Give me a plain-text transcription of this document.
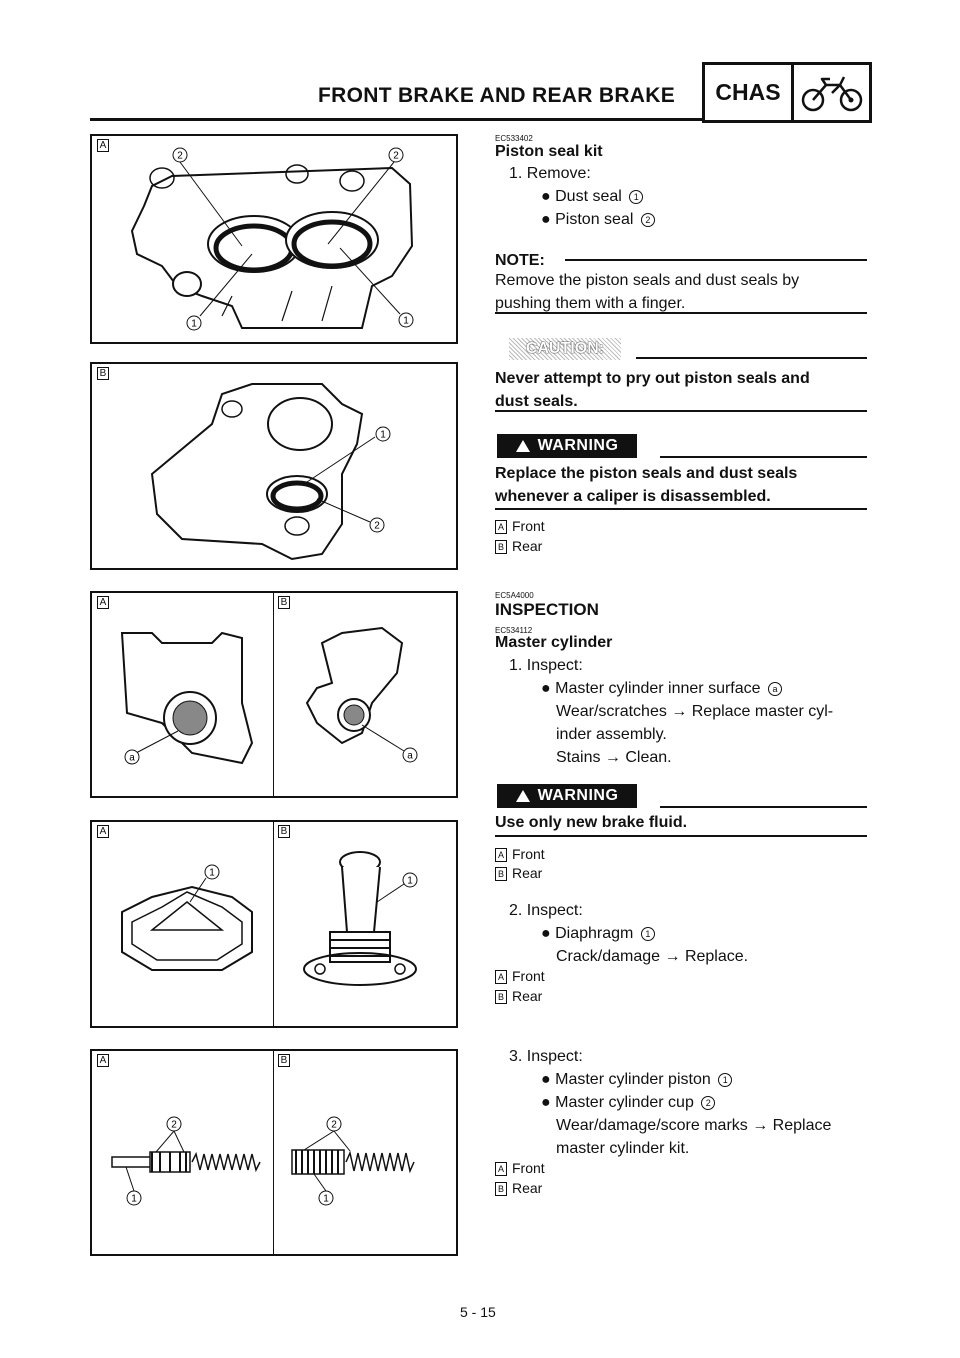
FRONT BRAKE AND REAR BRAKE	CHAS
A
2	2
1	1
B
1
2
A	B
a	a
A	B
1
1
A	B
2
1
2
1
EC533402
Piston seal kit
1. Remove:
● Dust seal 1
● Piston seal 2
NOTE:
Remove the piston seals and dust seals by
pushing them with a finger.
CAUTION:
Never attempt to pry out piston seals and
dust seals.
WARNING
Replace the piston seals and dust seals
whenever a caliper is disassembled.
A Front
B Rear
EC5A4000
INSPECTION
EC534112
Master cylinder
1. Inspect:
● Master cylinder inner surface a
Wear/scratches → Replace master cyl-
inder assembly.
Stains → Clean.
WARNING
Use only new brake fluid.
A Front
B Rear
2. Inspect:
● Diaphragm 1
Crack/damage → Replace.
A Front
B Rear
3. Inspect:
● Master cylinder piston 1
● Master cylinder cup 2
Wear/damage/score marks → Replace
master cylinder kit.
A Front
B Rear
5 - 15
